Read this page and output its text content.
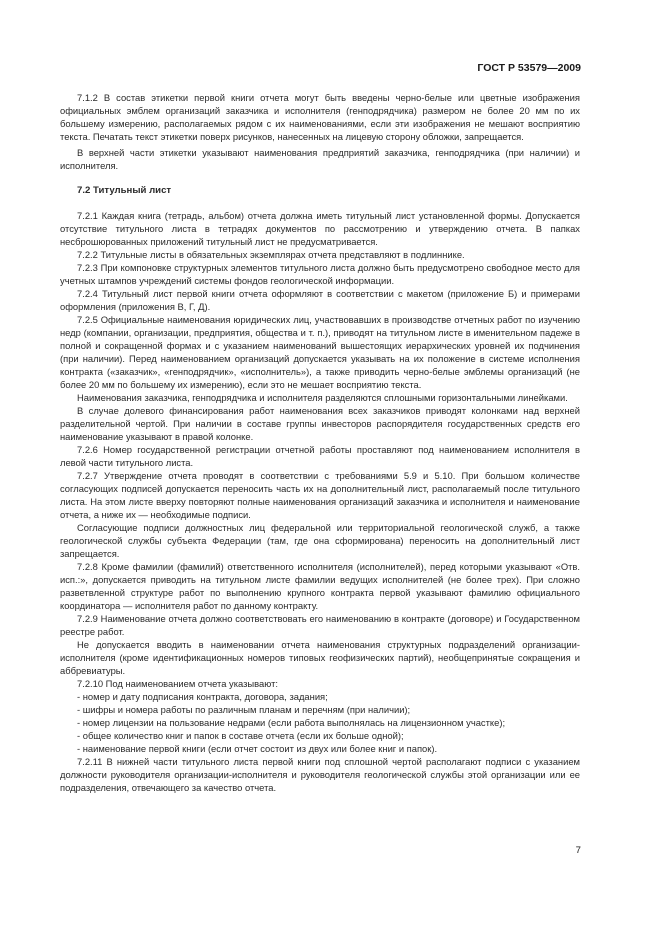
ГОСТ Р 53579—2009

7.1.2 В состав этикетки первой книги отчета могут быть введены черно-белые или цветные изображения официальных эмблем организаций заказчика и исполнителя (генподрядчика) размером не более 20 мм по их большему измерению, располагаемых рядом с их наименованиями, если эти изображения не мешают восприятию текста. Печатать текст этикетки поверх рисунков, нанесенных на лицевую сторону обложки, запрещается.

В верхней части этикетки указывают наименования предприятий заказчика, генподрядчика (при наличии) и исполнителя.

7.2 Титульный лист

7.2.1 Каждая книга (тетрадь, альбом) отчета должна иметь титульный лист установленной формы. Допускается отсутствие титульного листа в тетрадях документов по рассмотрению и утверждению отчета. В папках несброшюрованных приложений титульный лист не предусматривается.

7.2.2 Титульные листы в обязательных экземплярах отчета представляют в подлиннике.

7.2.3 При компоновке структурных элементов титульного листа должно быть предусмотрено свободное место для учетных штампов учреждений системы фондов геологической информации.

7.2.4 Титульный лист первой книги отчета оформляют в соответствии с макетом (приложение Б) и примерами оформления (приложения В, Г, Д).

7.2.5 Официальные наименования юридических лиц, участвовавших в производстве отчетных работ по изучению недр (компании, организации, предприятия, общества и т. п.), приводят на титульном листе в именительном падеже в полной и сокращенной формах и с указанием наименований вышестоящих иерархических уровней их подчинения (при наличии). Перед наименованием организаций допускается указывать на их положение в системе исполнения контракта («заказчик», «генподрядчик», «исполнитель»), а также приводить черно-белые эмблемы организаций (не более 20 мм по большему их измерению), если это не мешает восприятию текста.

Наименования заказчика, генподрядчика и исполнителя разделяются сплошными горизонтальными линейками.

В случае долевого финансирования работ наименования всех заказчиков приводят колонками над верхней разделительной чертой. При наличии в составе группы инвесторов распорядителя государственных средств его наименование указывают в правой колонке.

7.2.6 Номер государственной регистрации отчетной работы проставляют под наименованием исполнителя в левой части титульного листа.

7.2.7 Утверждение отчета проводят в соответствии с требованиями 5.9 и 5.10. При большом количестве согласующих подписей допускается переносить часть их на дополнительный лист, располагаемый после титульного листа. На этом листе вверху повторяют полные наименования организаций заказчика и исполнителя и наименование отчета, а ниже их — необходимые подписи.

Согласующие подписи должностных лиц федеральной или территориальной геологической служб, а также геологической службы субъекта Федерации (там, где она сформирована) переносить на дополнительный лист запрещается.

7.2.8 Кроме фамилии (фамилий) ответственного исполнителя (исполнителей), перед которыми указывают «Отв. исп.:», допускается приводить на титульном листе фамилии ведущих исполнителей (не более трех). При сложно разветвленной структуре работ по выполнению крупного контракта первой указывают фамилию официального координатора — исполнителя работ по данному контракту.

7.2.9 Наименование отчета должно соответствовать его наименованию в контракте (договоре) и Государственном реестре работ.

Не допускается вводить в наименовании отчета наименования структурных подразделений организации-исполнителя (кроме идентификационных номеров типовых геофизических партий), необщепринятые сокращения и аббревиатуры.

7.2.10 Под наименованием отчета указывают:

- номер и дату подписания контракта, договора, задания;

- шифры и номера работы по различным планам и перечням (при наличии);

- номер лицензии на пользование недрами (если работа выполнялась на лицензионном участке);

- общее количество книг и папок в составе отчета (если их больше одной);

- наименование первой книги (если отчет состоит из двух или более книг и папок).

7.2.11 В нижней части титульного листа первой книги под сплошной чертой располагают подписи с указанием должности руководителя организации-исполнителя и руководителя геологической службы этой организации или ее подразделения, отвечающего за качество отчета.

7
